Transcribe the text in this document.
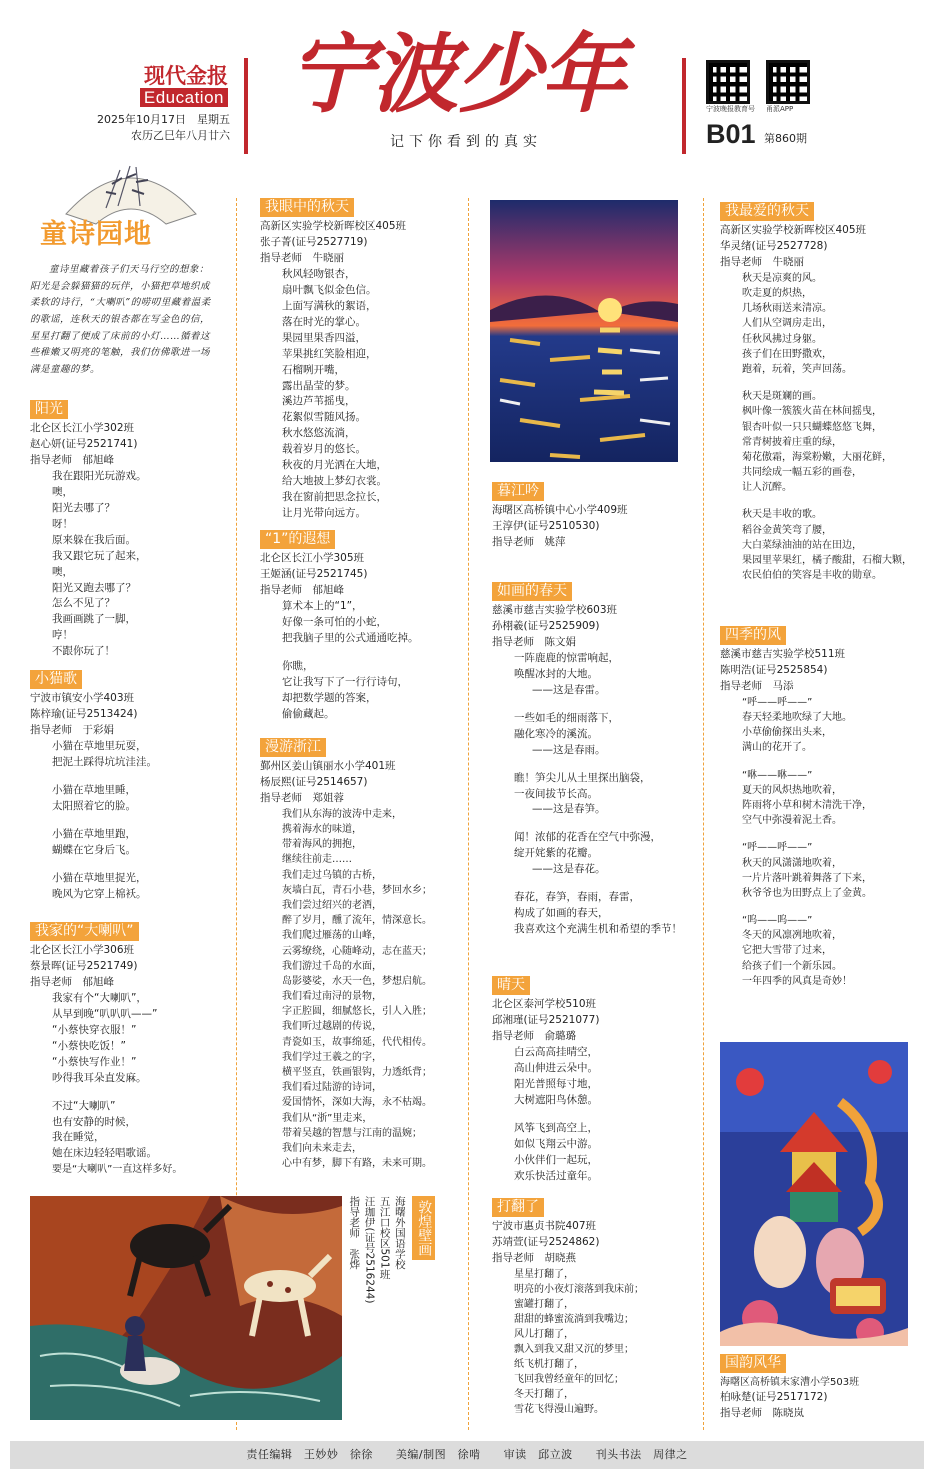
现代金报
Education
2025年10月17日　星期五
农历乙巳年八月廿六
宁波少年
记下你看到的真实
宁波晚报教育号 甬派APP
B01 第860期
童诗园地
童诗里藏着孩子们天马行空的想象：阳光是会躲猫猫的玩伴，小猫把草地织成柔软的诗行，“大喇叭”的唠叨里藏着温柔的歌谣，连秋天的银杏都在写金色的信，星星打翻了便成了床前的小灯……循着这些稚嫩又明亮的笔触，我们仿佛歌进一场满是童趣的梦。
阳光

北仑区长江小学302班

赵心妍(证号2521741)

指导老师　郁旭峰

我在跟阳光玩游戏。

噢，

阳光去哪了？

呀！

原来躲在我后面。

我又跟它玩了起来，

噢，

阳光又跑去哪了？

怎么不见了？

我画画跳了一脚，

哼！

不跟你玩了！

小猫歌

宁波市镇安小学403班

陈梓瑜(证号2513424)

指导老师　于彩娟

小猫在草地里玩耍，

把泥土踩得坑坑洼洼。

小猫在草地里睡，

太阳照着它的脸。

小猫在草地里跑，

蝴蝶在它身后飞。

小猫在草地里捉光，

晚风为它穿上棉袄。

我家的“大喇叭”

北仑区长江小学306班

蔡景晖(证号2521749)

指导老师　郁旭峰

我家有个“大喇叭”，

从早到晚“叭叭叭——”

“小蔡快穿衣服！”

“小蔡快吃饭！”

“小蔡快写作业！”

吵得我耳朵直发麻。

不过“大喇叭”

也有安静的时候，

我在睡觉，

她在床边轻轻唱歌谣。

要是“大喇叭”一直这样多好。

我眼中的秋天

高新区实验学校新晖校区405班

张子菁(证号2527719)

指导老师　牛晓丽

秋风轻吻银杏，

扇叶飘飞似金色信。

上面写满秋的絮语，

落在时光的掌心。

果园里果香四溢，

苹果挑红笑脸相迎，

石榴咧开嘴，

露出晶莹的梦。

溪边芦苇摇曳，

花絮似雪随风扬。

秋水悠悠流淌，

载着岁月的悠长。

秋夜的月光洒在大地，

给大地披上梦幻衣裳。

我在窗前把思念拉长，

让月光带向远方。

“1”的遐想

北仑区长江小学305班

王姬涵(证号2521745)

指导老师　郁旭峰

算术本上的“1”，

好像一条可怕的小蛇，

把我脑子里的公式通通吃掉。

你瞧，

它让我写下了一行行诗句，

却把数学题的答案，

偷偷藏起。

漫游浙江

鄞州区姜山镇丽水小学401班

杨辰熙(证号2514657)

指导老师　郑姐蓉

我们从东海的波涛中走来，

携着海水的味道，

带着海风的拥抱，

继续往前走……

我们走过乌镇的古桥，

灰墙白瓦，青石小巷，梦回水乡；

我们尝过绍兴的老酒，

醉了岁月，醺了流年，情深意长。

我们爬过雁荡的山峰，

云雾缭绕，心随峰动，志在蓝天；

我们游过千岛的水面，

岛影婆娑，水天一色，梦想启航。

我们看过南浔的景物，

字正腔圆，细腻悠长，引人入胜；

我们听过越剧的传说，

青瓷如玉，故事绵延，代代相传。

我们学过王羲之的字，

横平竖直，铁画银钩，力透纸背；

我们看过陆游的诗词，

爱国情怀，深如大海，永不枯竭。

我们从“浙”里走来，

带着吴越的智慧与江南的温婉；

我们向未来走去，

心中有梦，脚下有路，未来可期。

敦煌壁画
海曙外国语学校
五江口校区501班
汪珈伊(证号2516244)
指导老师　张烨
暮江吟

海曙区高桥镇中心小学409班

王淳伊(证号2510530)

指导老师　姚萍

如画的春天

慈溪市慈吉实验学校603班

孙栩羲(证号2525909)

指导老师　陈文娟

一阵鹿鹿的惊雷响起，

唤醒冰封的大地。

——这是春雷。

一些如毛的细雨落下，

融化寒冷的溪流。

——这是春雨。

瞧！笋尖儿从土里探出脑袋，

一夜间拔节长高。

——这是春笋。

闻！浓郁的花香在空气中弥漫，

绽开姹紫的花瓣。

——这是春花。

春花，春笋，春雨，春雷，

构成了如画的春天，

我喜欢这个充满生机和希望的季节！

晴天

北仑区泰河学校510班

邱湘瑾(证号2521077)

指导老师　俞璐璐

白云高高挂晴空，

高山伸进云朵中。

阳光普照每寸地，

大树遮阳鸟休憩。

风筝飞到高空上，

如似飞翔云中游。

小伙伴们一起玩，

欢乐快活过童年。

打翻了

宁波市惠贞书院407班

苏靖萱(证号2524862)

指导老师　胡晓燕

星星打翻了，

明亮的小夜灯滚落到我床前；

蜜罐打翻了，

甜甜的蜂蜜流淌到我嘴边；

风儿打翻了，

飘入到我又甜又沉的梦里；

纸飞机打翻了，

飞回我曾经童年的回忆；

冬天打翻了，

雪花飞得漫山遍野。

我最爱的秋天

高新区实验学校新晖校区405班

华灵绪(证号2527728)

指导老师　牛晓丽

秋天是凉爽的风。

吹走夏的炽热，

几场秋雨送来清凉。

人们从空调房走出，

任秋风拂过身躯。

孩子们在田野撒欢，

跑着，玩着，笑声回荡。

秋天是斑斓的画。

枫叶像一簇簇火苗在林间摇曳，

银杏叶似一只只蝴蝶悠悠飞舞，

常青树披着庄重的绿，

菊花傲霜，海棠粉嫩，大丽花鲜，

共同绘成一幅五彩的画卷，

让人沉醉。

秋天是丰收的歌。

稻谷金黄笑弯了腰，

大白菜绿油油的站在田边，

果园里苹果红，橘子酸甜，石榴大颗，

农民伯伯的笑容是丰收的勋章。

四季的风

慈溪市慈吉实验学校511班

陈明浩(证号2525854)

指导老师　马添

“呼——呼——”

春天轻柔地吹绿了大地。

小草偷偷探出头来，

满山的花开了。

“咻——咻——”

夏天的风炽热地吹着，

阵雨将小草和树木清洗干净，

空气中弥漫着泥土香。

“呼——呼——”

秋天的风潇潇地吹着，

一片片落叶跳着舞落了下来，

秋爷爷也为田野点上了金黄。

“呜——呜——”

冬天的风凛冽地吹着，

它把大雪带了过来，

给孩子们一个新乐园。

一年四季的风真是奇妙！

国韵风华

海曙区高桥镇末家漕小学503班

柏咏楚(证号2517172)

指导老师　陈晓岚

责任编辑　王妙妙　徐徐　　美编/制图　徐啃　　审读　邱立波　　刊头书法　周律之
